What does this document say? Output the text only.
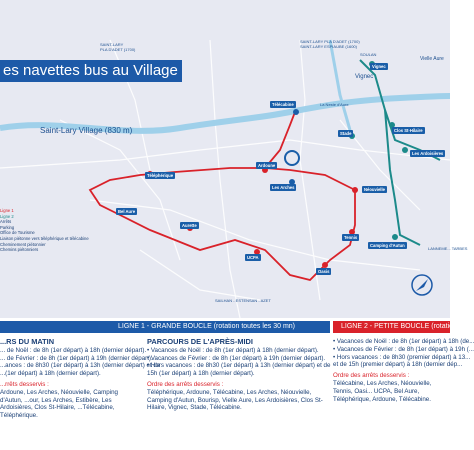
Saint-Lary Village (830 m)
Vignec
Vielle Aure
SOULAN
SAINT-LARY
PLA D'ADET (1700)
SAINT-LARY PLA D'ADET (1700)
SAINT-LARY ESPIAUBE (1600)
La Neste d'Aure
SAILHAN - ESTENSAN - AZET
LANNEME... TARBES
Télécabine
Téléphérique
Ardoune
Les Arches
Stade
Clos St-Hilaire
Les Ardoisières
Néouvielle
Tennis
Camping d'Autun
Bel Aure
Aurette
UCPA
Oasis
Vignec
es navettes bus au Village
Ligne 1
Ligne 2
Arrêts
Parking
Office de Tourisme
Liaison piétonne vers téléphérique et télécabine
Cheminement piétonnier
Chemins piétonniers
LIGNE 1 - GRANDE BOUCLE (rotation toutes les 30 mn)	LIGNE 2 - PETITE BOUCLE (rotation...
...RS DU MATIN
... de Noël : de 8h (1er départ) à 18h (dernier départ).
... de Février : de 8h (1er départ) à 19h (dernier départ).
...ances : de 8h30 (1er départ) à 13h (dernier départ) et de
...(1er départ) à 18h (dernier départ).
...rrêts desservis :
Ardoune, Les Arches, Néouvielle, Camping d'Autun, ...our, Les Arches, Estibère, Les Ardoisières, Clos St-Hilaire, ...Télécabine, Téléphérique.
PARCOURS DE L'APRÈS-MIDI
• Vacances de Noël : de 8h (1er départ) à 18h (dernier départ).
• Vacances de Février : de 8h (1er départ) à 19h (dernier départ).
• Hors vacances : de 8h30 (1er départ) à 13h (dernier départ) et de
15h (1er départ) à 18h (dernier départ).
Ordre des arrêts desservis :
Téléphérique, Ardoune, Télécabine, Les Arches, Néouvielle, Camping d'Autun, Bourisp, Vielle Aure, Les Ardoisières, Clos St-Hilaire, Vignec, Stade, Télécabine.
• Vacances de Noël : de 8h (1er départ) à 18h (de...
• Vacances de Février : de 8h (1er départ) à 19h (...
• Hors vacances : de 8h30 (premier départ) à 13...
et de 15h (premier départ) à 18h (dernier dép...
Ordre des arrêts desservis :
Télécabine, Les Arches, Néouvielle, Tennis, Oasi... UCPA, Bel Aure, Téléphérique, Ardoune, Télécabine.
